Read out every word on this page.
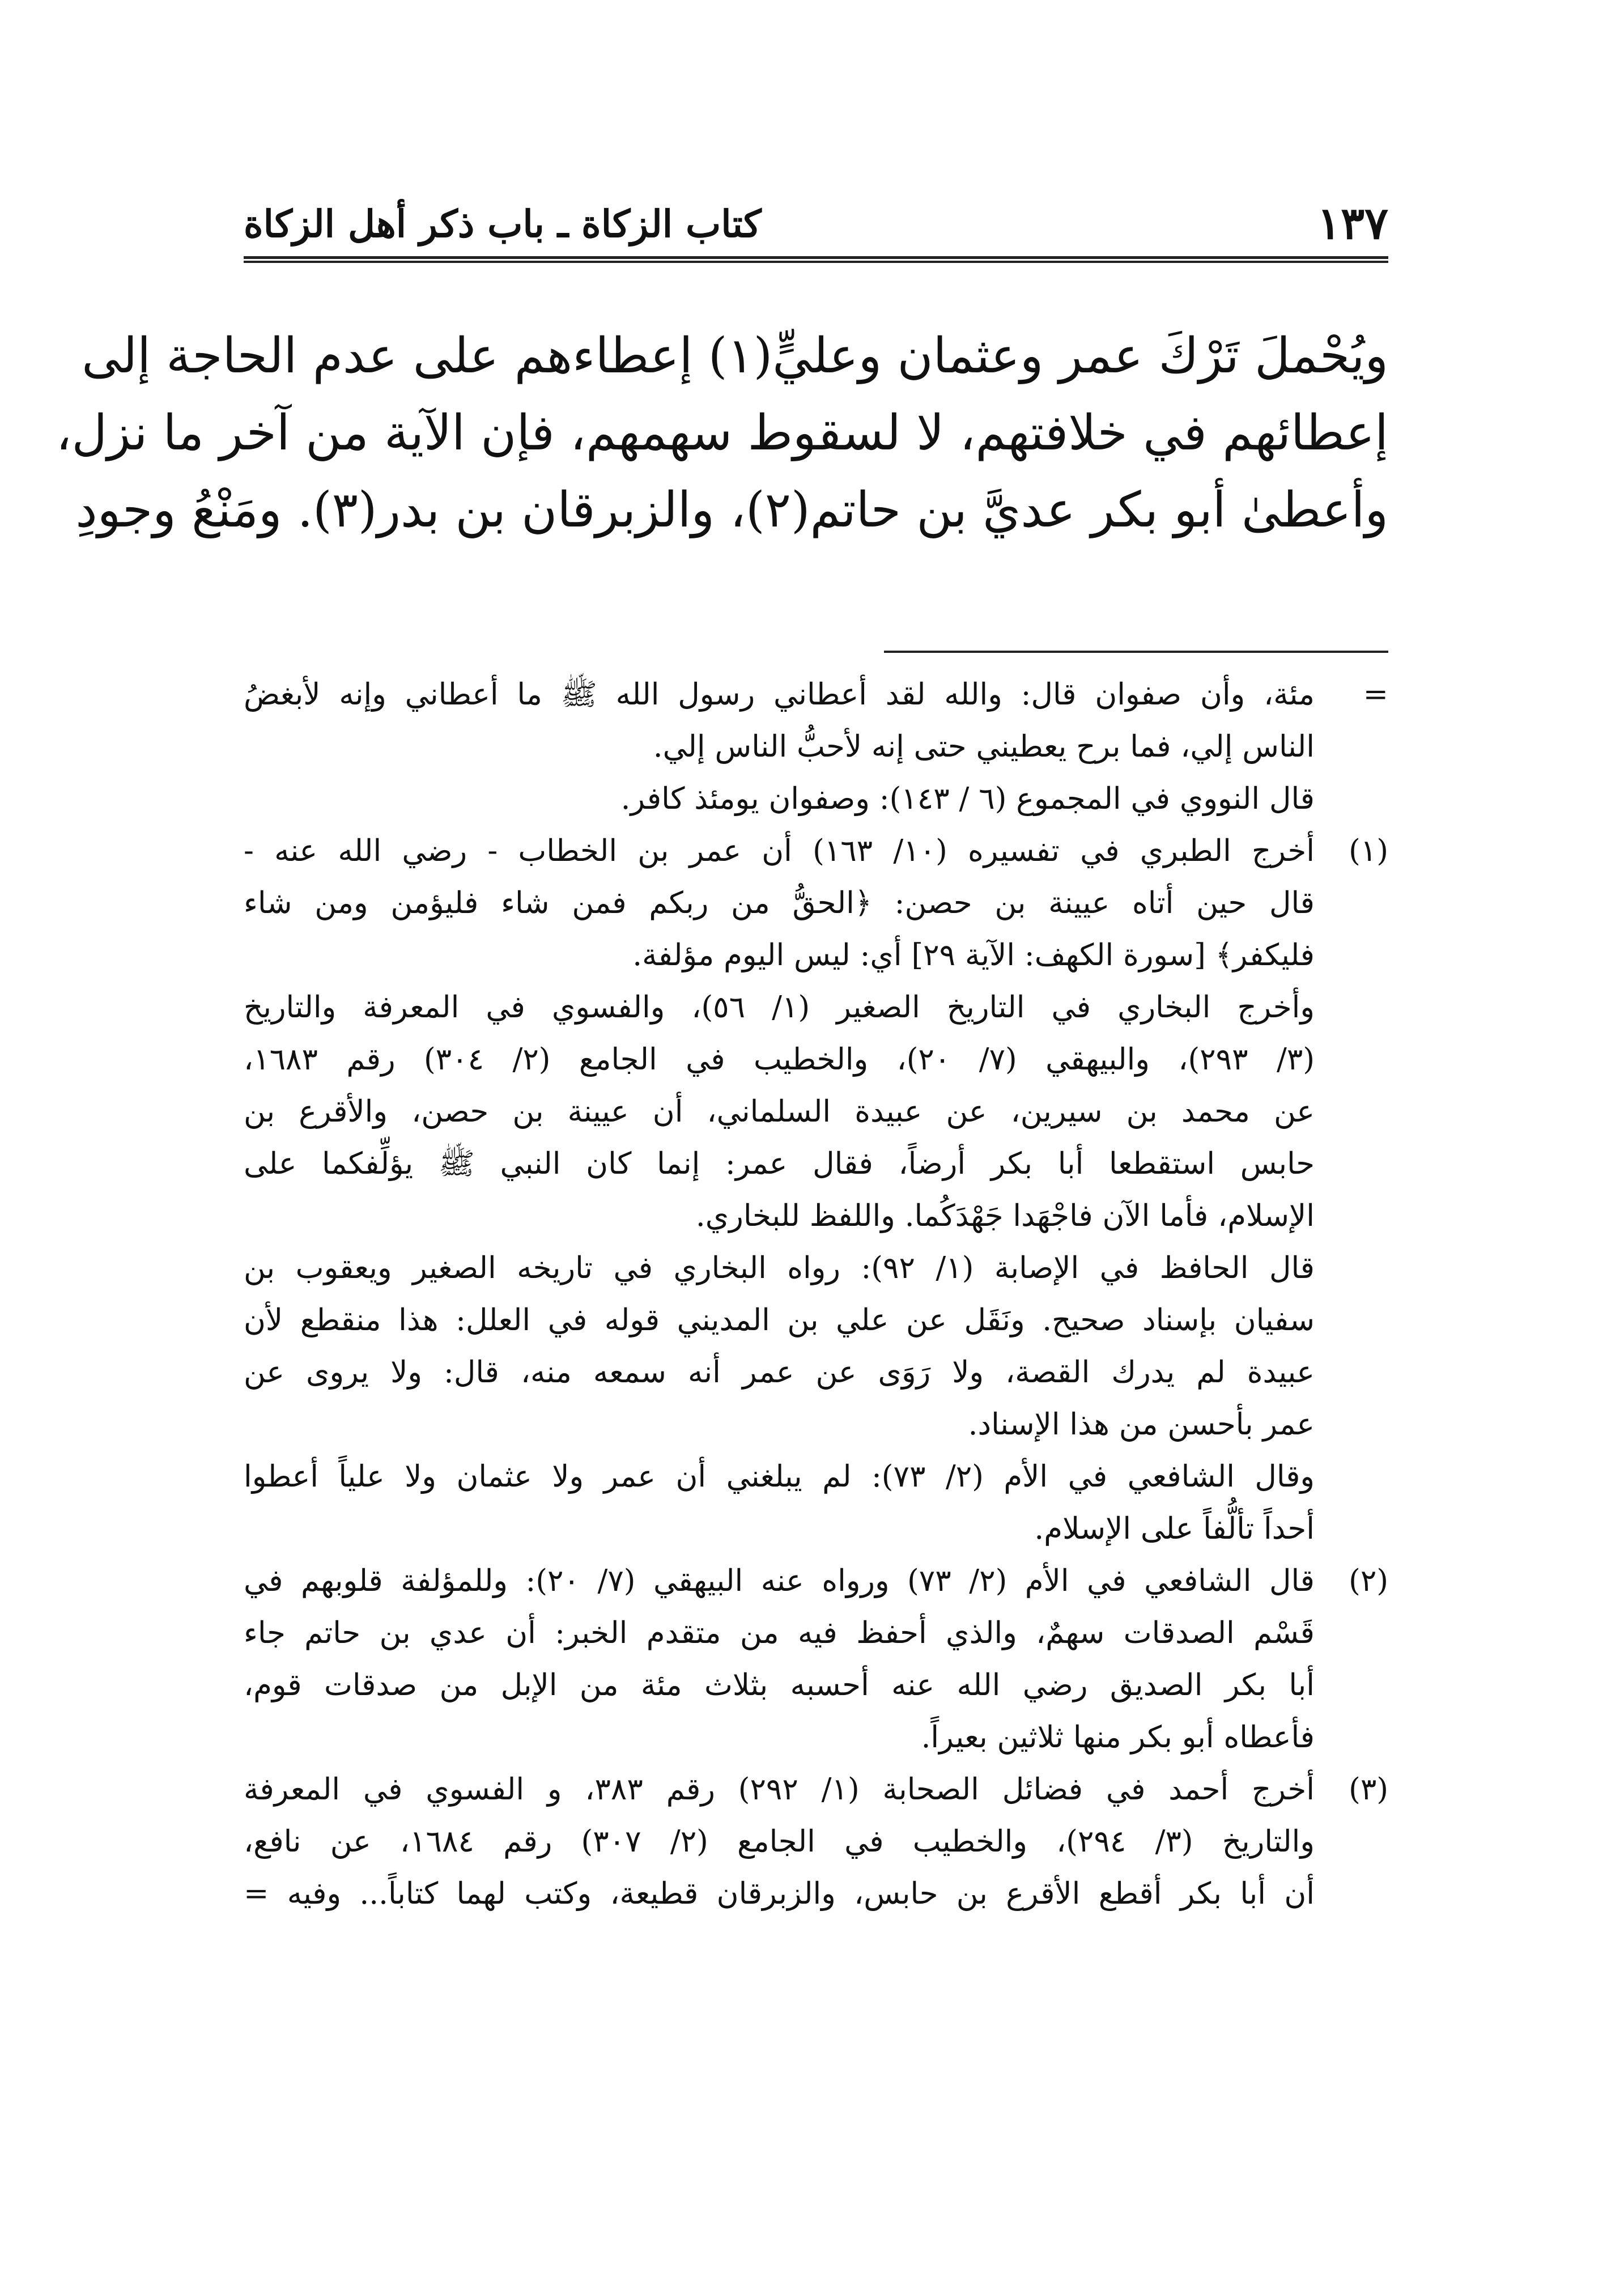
١٣٧
كتاب الزكاة ـ باب ذكر أهل الزكاة
ويُحْملَ تَرْكَ عمر وعثمان وعليٍّ(١) إعطاءهم على عدم الحاجة إلى
إعطائهم في خلافتهم، لا لسقوط سهمهم، فإن الآية من آخر ما نزل،
وأعطىٰ أبو بكر عديَّ بن حاتم(٢)، والزبرقان بن بدر(٣). ومَنْعُ وجودِ
=
مئة، وأن صفوان قال: والله لقد أعطاني رسول الله ﷺ ما أعطاني وإنه لأبغضُ
الناس إلي، فما برح يعطيني حتى إنه لأحبُّ الناس إلي.
قال النووي في المجموع (٦ / ١٤٣): وصفوان يومئذ كافر.
(١)
أخرج الطبري في تفسيره (١٠/ ١٦٣) أن عمر بن الخطاب - رضي الله عنه -
قال حين أتاه عيينة بن حصن: ﴿الحقُّ من ربكم فمن شاء فليؤمن ومن شاء
فليكفر﴾ [سورة الكهف: الآية ٢٩] أي: ليس اليوم مؤلفة.
وأخرج البخاري في التاريخ الصغير (١/ ٥٦)، والفسوي في المعرفة والتاريخ
(٣/ ٢٩٣)، والبيهقي (٧/ ٢٠)، والخطيب في الجامع (٢/ ٣٠٤) رقم ١٦٨٣،
عن محمد بن سيرين، عن عبيدة السلماني، أن عيينة بن حصن، والأقرع بن
حابس استقطعا أبا بكر أرضاً، فقال عمر: إنما كان النبي ﷺ يؤلِّفكما على
الإسلام، فأما الآن فاجْهَدا جَهْدَكُما. واللفظ للبخاري.
قال الحافظ في الإصابة (١/ ٩٢): رواه البخاري في تاريخه الصغير ويعقوب بن
سفيان بإسناد صحيح. ونَقَل عن علي بن المديني قوله في العلل: هذا منقطع لأن
عبيدة لم يدرك القصة، ولا رَوَى عن عمر أنه سمعه منه، قال: ولا يروى عن
عمر بأحسن من هذا الإسناد.
وقال الشافعي في الأم (٢/ ٧٣): لم يبلغني أن عمر ولا عثمان ولا علياً أعطوا
أحداً تألُّفاً على الإسلام.
(٢)
قال الشافعي في الأم (٢/ ٧٣) ورواه عنه البيهقي (٧/ ٢٠): وللمؤلفة قلوبهم في
قَسْم الصدقات سهمٌ، والذي أحفظ فيه من متقدم الخبر: أن عدي بن حاتم جاء
أبا بكر الصديق رضي الله عنه أحسبه بثلاث مئة من الإبل من صدقات قوم،
فأعطاه أبو بكر منها ثلاثين بعيراً.
(٣)
أخرج أحمد في فضائل الصحابة (١/ ٢٩٢) رقم ٣٨٣، و الفسوي في المعرفة
والتاريخ (٣/ ٢٩٤)، والخطيب في الجامع (٢/ ٣٠٧) رقم ١٦٨٤، عن نافع،
أن أبا بكر أقطع الأقرع بن حابس، والزبرقان قطيعة، وكتب لهما كتاباً... وفيه =
